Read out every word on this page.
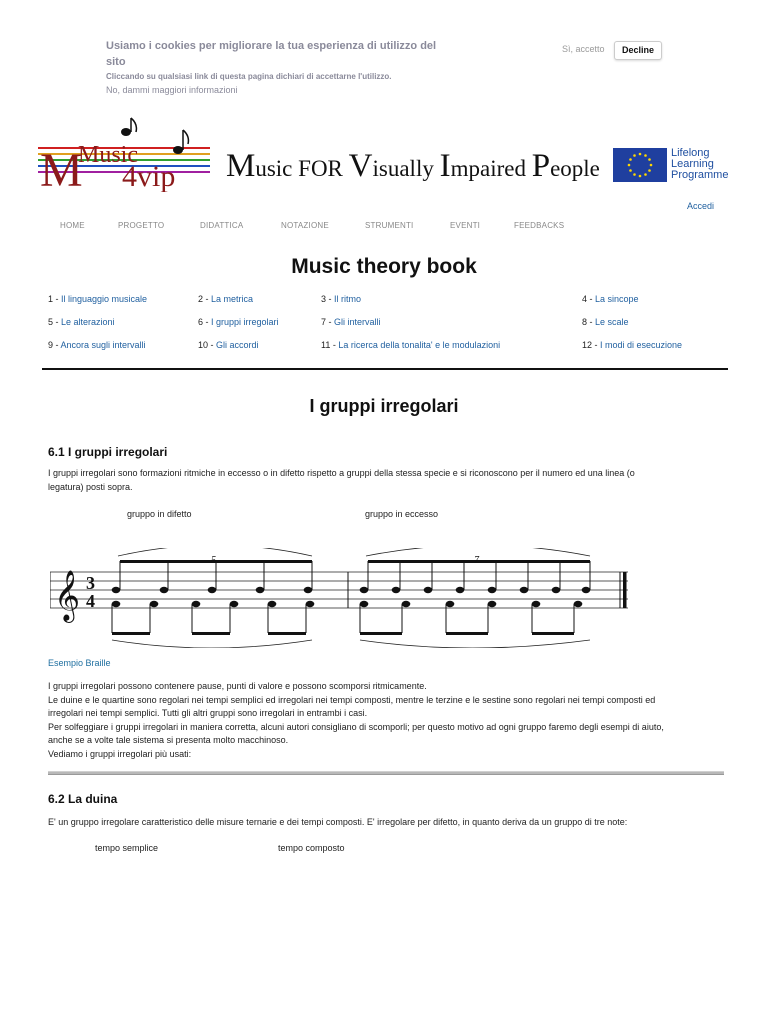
Usiamo i cookies per migliorare la tua esperienza di utilizzo del sito
Cliccando su qualsiasi link di questa pagina dichiari di accettarne l'utilizzo.
No, dammi maggiori informazioni
Sì, accetto	Decline
M
Music
4vip Music FOR Visually Impaired People
Lifelong
Learning
Programme
Accedi
HOME	PROGETTO	DIDATTICA	NOTAZIONE	STRUMENTI	EVENTI	FEEDBACKS
Music theory book
1 - Il linguaggio musicale	2 - La metrica	3 - Il ritmo	4 - La sincope
5 - Le alterazioni	6 - I gruppi irregolari	7 - Gli intervalli	8 - Le scale
9 - Ancora sugli intervalli	10 - Gli accordi	11 - La ricerca della tonalita' e le modulazioni	12 - I modi di esecuzione
I gruppi irregolari
6.1 I gruppi irregolari
I gruppi irregolari sono formazioni ritmiche in eccesso o in difetto rispetto a gruppi della stessa specie e si riconoscono per il numero ed una linea (o
legatura) posti sopra.
gruppo in difetto	gruppo in eccesso
𝄞 3
4
5	7
Esempio Braille
I gruppi irregolari possono contenere pause, punti di valore e possono scomporsi ritmicamente.
Le duine e le quartine sono regolari nei tempi semplici ed irregolari nei tempi composti, mentre le terzine e le sestine sono regolari nei tempi composti ed
irregolari nei tempi semplici. Tutti gli altri gruppi sono irregolari in entrambi i casi.
Per solfeggiare i gruppi irregolari in maniera corretta, alcuni autori consigliano di scomporli; per questo motivo ad ogni gruppo faremo degli esempi di aiuto,
anche se a volte tale sistema si presenta molto macchinoso.
Vediamo i gruppi irregolari più usati:
6.2 La duina
E' un gruppo irregolare caratteristico delle misure ternarie e dei tempi composti. E' irregolare per difetto, in quanto deriva da un gruppo di tre note:
tempo semplice	tempo composto
